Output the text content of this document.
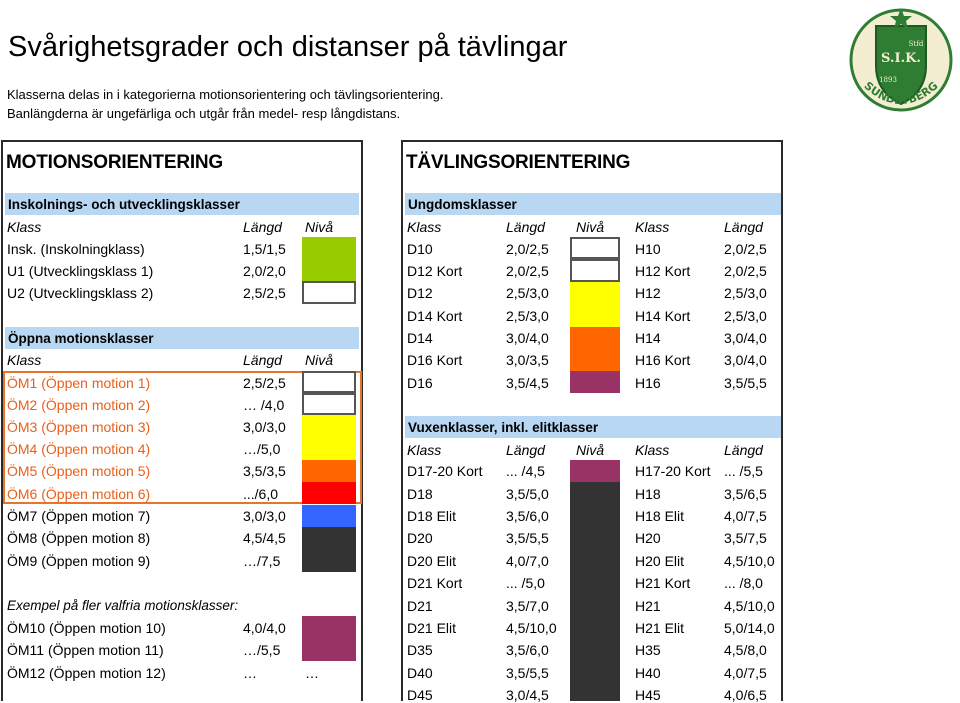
Svårighetsgrader och distanser på tävlingar	S.I.K.
Stfd
1893
SUNDBYBERG
Klasserna delas in i kategorierna motionsorientering och tävlingsorientering.
Banlängderna är ungefärliga och utgår från medel- resp långdistans.
MOTIONSORIENTERING
Inskolnings- och utvecklingsklasser
Öppna motionsklasser
Klass	Längd Nivå
Insk. (Inskolningklass)	1,5/1,5
U1 (Utvecklingsklass 1)	2,0/2,0
U2 (Utvecklingsklass 2)	2,5/2,5
Klass	Längd Nivå
ÖM1 (Öppen motion 1)	2,5/2,5
ÖM2 (Öppen motion 2)	… /4,0
ÖM3 (Öppen motion 3)	3,0/3,0
ÖM4 (Öppen motion 4)	…/5,0
ÖM5 (Öppen motion 5)	3,5/3,5
ÖM6 (Öppen motion 6)	.../6,0
ÖM7 (Öppen motion 7)	3,0/3,0
ÖM8 (Öppen motion 8)	4,5/4,5
ÖM9 (Öppen motion 9)	…/7,5
Exempel på fler valfria motionsklasser:
ÖM10 (Öppen motion 10)	4,0/4,0
ÖM11 (Öppen motion 11)	…/5,5
ÖM12 (Öppen motion 12)	…	…
TÄVLINGSORIENTERING
Ungdomsklasser
Vuxenklasser, inkl. elitklasser
Klass	Längd Nivå Klass	Längd
D10	2,0/2,5	H10	2,0/2,5
D12 Kort	2,0/2,5	H12 Kort 2,0/2,5
D12	2,5/3,0	H12	2,5/3,0
D14 Kort	2,5/3,0	H14 Kort 2,5/3,0
D14	3,0/4,0	H14	3,0/4,0
D16 Kort	3,0/3,5	H16 Kort 3,0/4,0
D16	3,5/4,5	H16	3,5/5,5
Klass	Längd Nivå Klass	Längd
D17-20 Kort ... /4,5	H17-20 Kort ... /5,5
D18	3,5/5,0	H18	3,5/6,5
D18 Elit	3,5/6,0	H18 Elit	4,0/7,5
D20	3,5/5,5	H20	3,5/7,5
D20 Elit	4,0/7,0	H20 Elit	4,5/10,0
D21 Kort	... /5,0	H21 Kort ... /8,0
D21	3,5/7,0	H21	4,5/10,0
D21 Elit	4,5/10,0	H21 Elit	5,0/14,0
D35	3,5/6,0	H35	4,5/8,0
D40	3,5/5,5	H40	4,0/7,5
D45	3,0/4,5	H45	4,0/6,5
